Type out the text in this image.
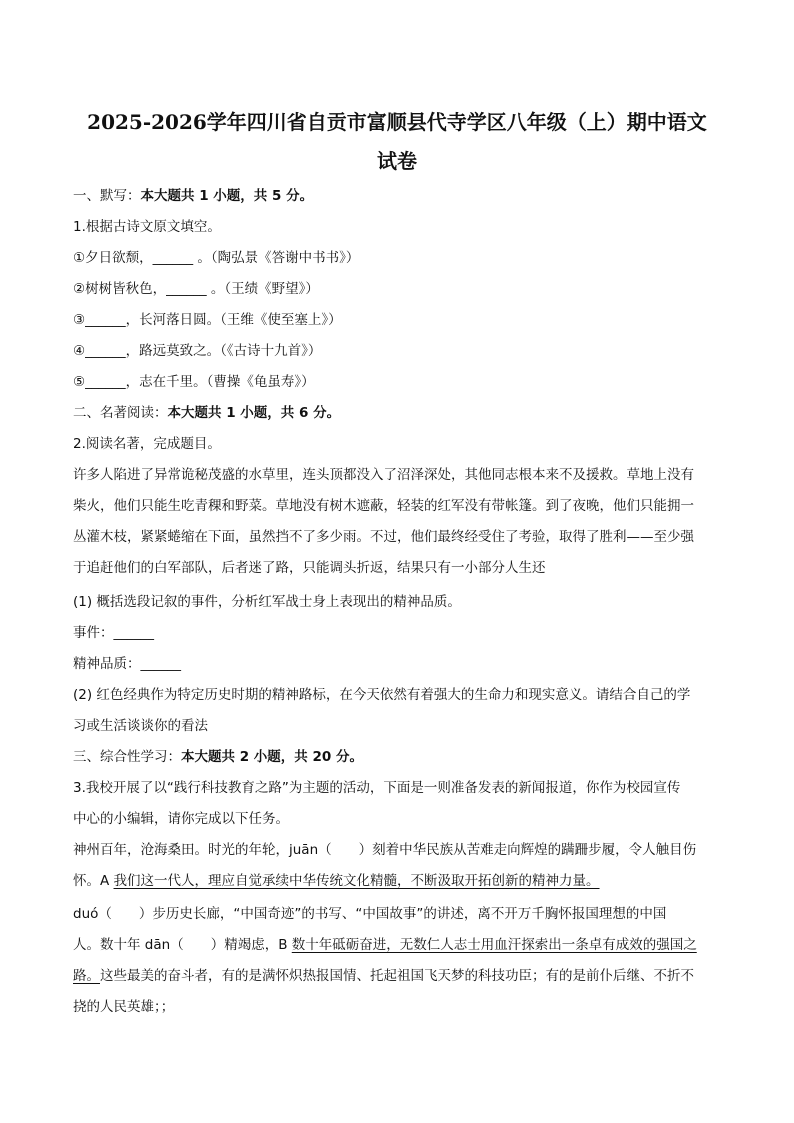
2025-2026学年四川省自贡市富顺县代寺学区八年级（上）期中语文
试卷
一、默写：本大题共 1 小题，共 5 分。
1.根据古诗文原文填空。
①夕日欲颓，______ 。（陶弘景《答谢中书书》）
②树树皆秋色，______ 。（王绩《野望》）
③______，长河落日圆。（王维《使至塞上》）
④______，路远莫致之。（《古诗十九首》）
⑤______，志在千里。（曹操《龟虽寿》）
二、名著阅读：本大题共 1 小题，共 6 分。
2.阅读名著，完成题目。
许多人陷进了异常诡秘茂盛的水草里，连头顶都没入了沼泽深处，其他同志根本来不及援救。草地上没有
柴火，他们只能生吃青稞和野菜。草地没有树木遮蔽，轻装的红军没有带帐篷。到了夜晚，他们只能拥一
丛灌木枝，紧紧蜷缩在下面，虽然挡不了多少雨。不过，他们最终经受住了考验，取得了胜利——至少强
于追赶他们的白军部队，后者迷了路，只能调头折返，结果只有一小部分人生还
(1) 概括选段记叙的事件，分析红军战士身上表现出的精神品质。
事件：______
精神品质：______
(2) 红色经典作为特定历史时期的精神路标，在今天依然有着强大的生命力和现实意义。请结合自己的学
习或生活谈谈你的看法
三、综合性学习：本大题共 2 小题，共 20 分。
3.我校开展了以“践行科技教育之路”为主题的活动，下面是一则准备发表的新闻报道，你作为校园宣传
中心的小编辑，请你完成以下任务。
神州百年，沧海桑田。时光的年轮，juān（　　）刻着中华民族从苦难走向辉煌的蹒跚步履，令人触目伤
怀。A 我们这一代人，理应自觉承续中华传统文化精髓，不断汲取开拓创新的精神力量。
duó（　　）步历史长廊，“中国奇迹”的书写、“中国故事”的讲述，离不开万千胸怀报国理想的中国
人。数十年 dān（　　）精竭虑，B 数十年砥砺奋进，无数仁人志士用血汗探索出一条卓有成效的强国之
路。这些最美的奋斗者，有的是满怀炽热报国情、托起祖国飞天梦的科技功臣；有的是前仆后继、不折不
挠的人民英雄；；
